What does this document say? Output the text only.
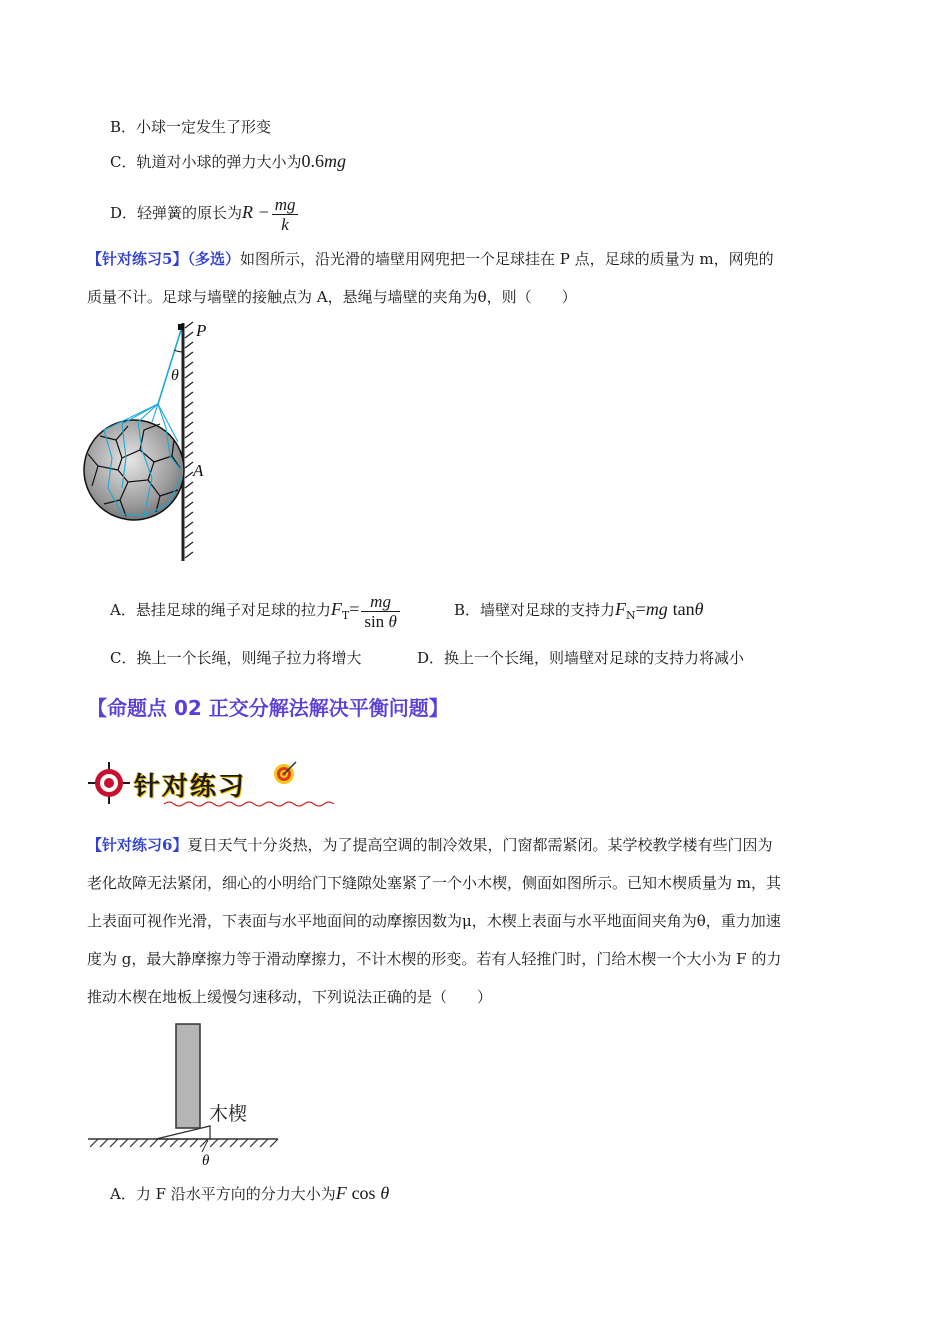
B．小球一定发生了形变
C．轨道对小球的弹力大小为0.6mg
D．轻弹簧的原长为$R - \frac{mg}{k}$
【针对练习5】（多选）如图所示，沿光滑的墙壁用网兜把一个足球挂在 P 点，足球的质量为 m，网兜的
质量不计。足球与墙壁的接触点为 A，悬绳与墙壁的夹角为θ，则（　　）
P
θ
A
A．悬挂足球的绳子对足球的拉力$F_T= \frac{mg}{\text{sin θ}}$	B．墙壁对足球的支持力$F_N=mg$ tanθ
C．换上一个长绳，则绳子拉力将增大	D．换上一个长绳，则墙壁对足球的支持力将减小
【命题点 02 正交分解法解决平衡问题】
针对练习
【针对练习6】夏日天气十分炎热，为了提高空调的制冷效果，门窗都需紧闭。某学校教学楼有些门因为
老化故障无法紧闭，细心的小明给门下缝隙处塞紧了一个小木楔，侧面如图所示。已知木楔质量为 m，其
上表面可视作光滑，下表面与水平地面间的动摩擦因数为μ，木楔上表面与水平地面间夹角为θ，重力加速
度为 g，最大静摩擦力等于滑动摩擦力，不计木楔的形变。若有人轻推门时，门给木楔一个大小为 F 的力
推动木楔在地板上缓慢匀速移动，下列说法正确的是（　　）
木楔
θ
A．力 F 沿水平方向的分力大小为F cos θ
